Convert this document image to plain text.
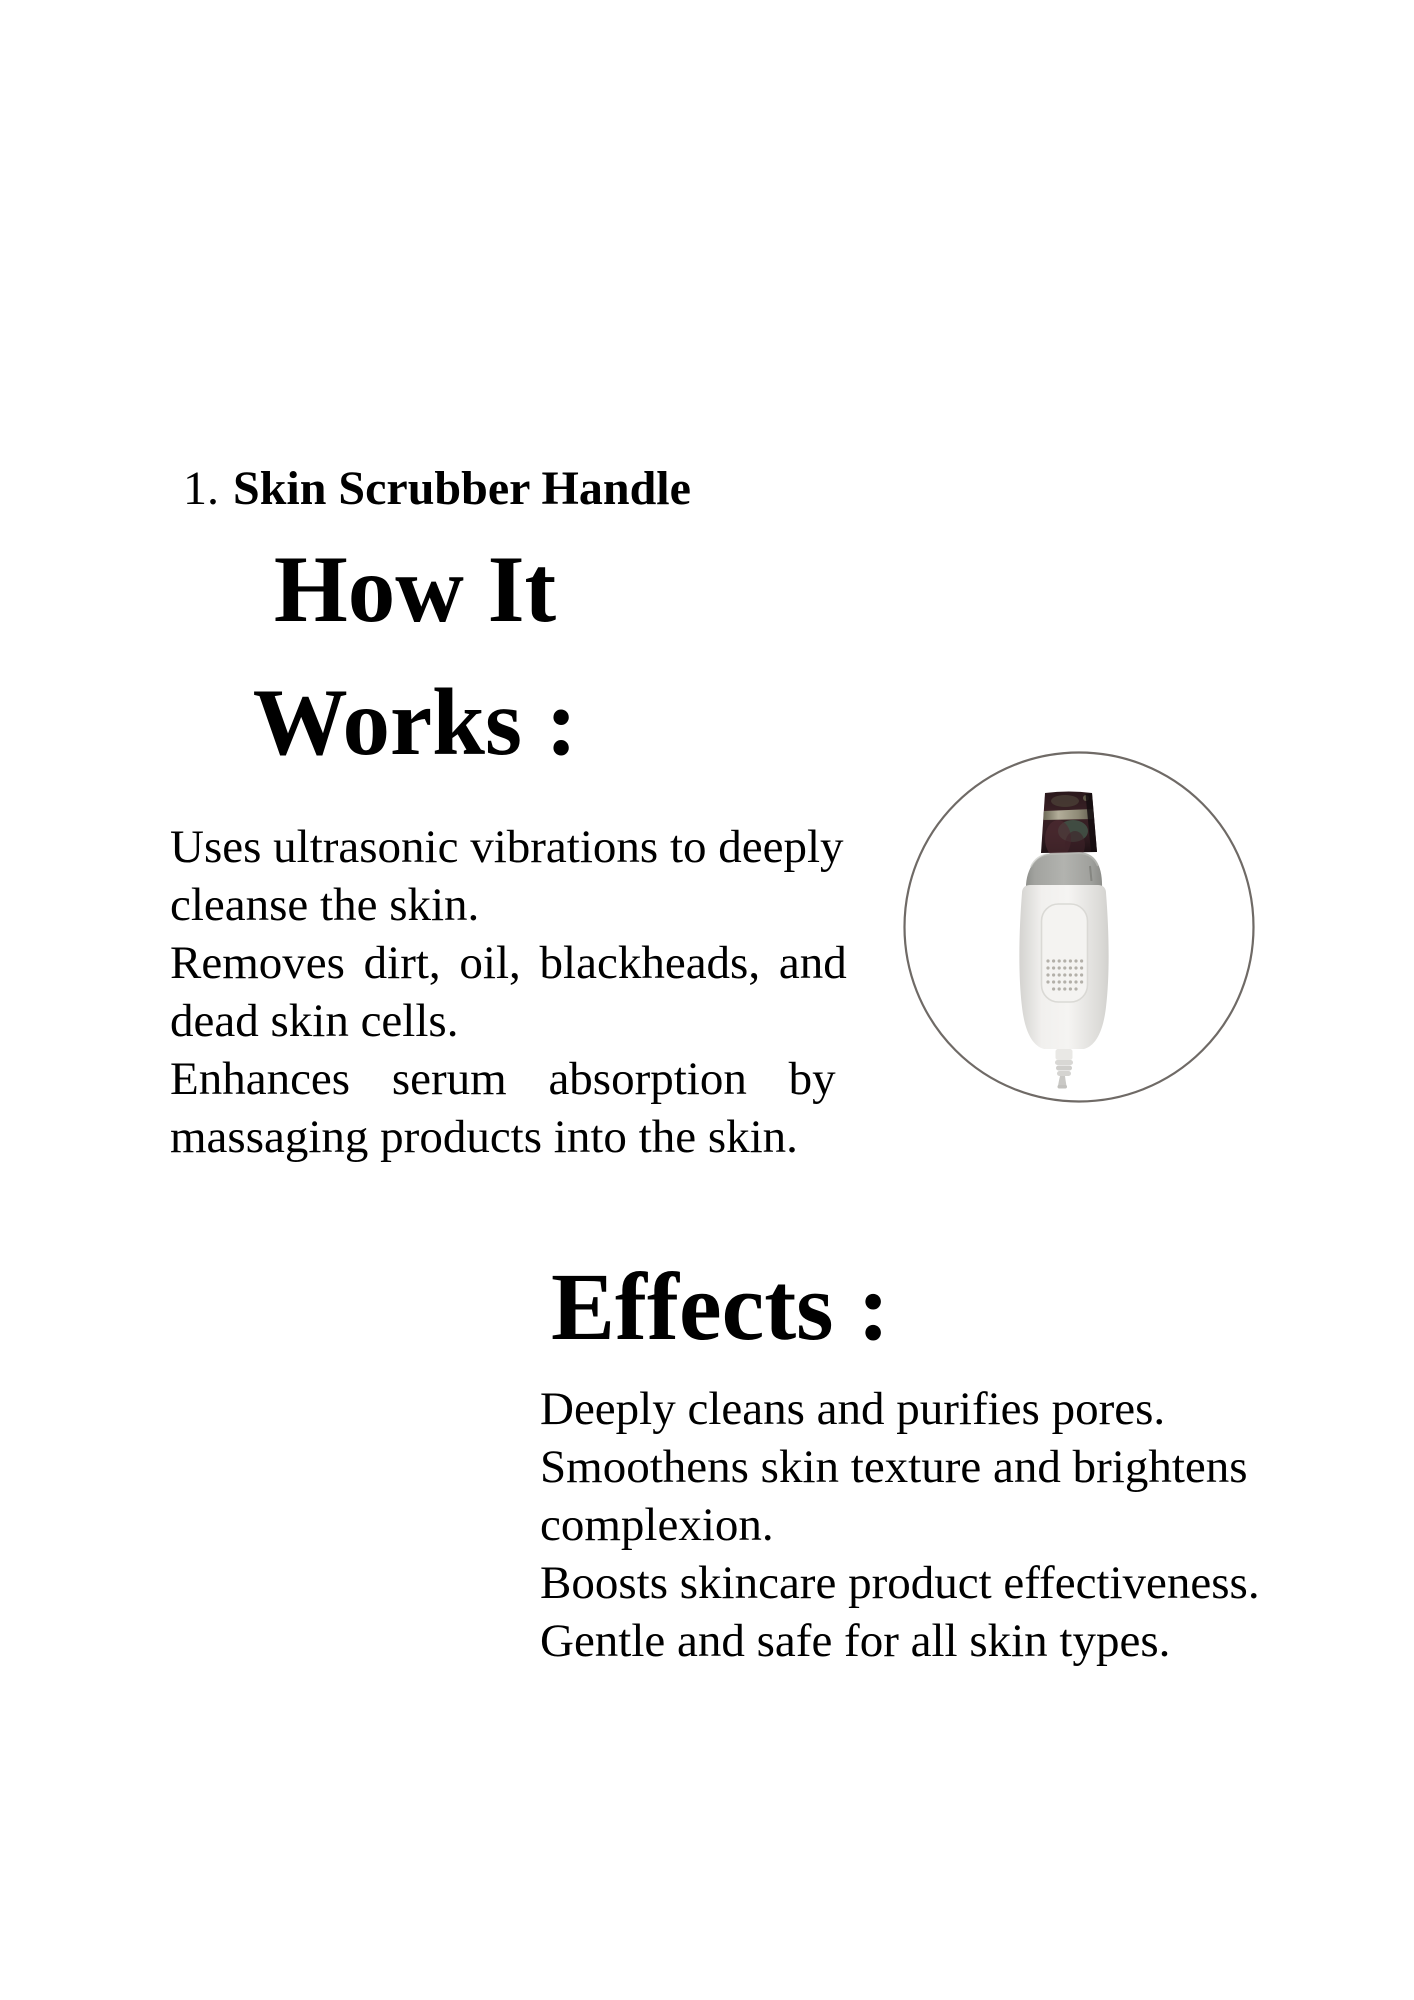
1. Skin Scrubber Handle
How It
Works :
Uses ultrasonic vibrations to deeply
cleanse the skin.
Removes dirt, oil, blackheads, and
dead skin cells.
Enhances serum absorption by
massaging products into the skin.
Effects :
Deeply cleans and purifies pores.
Smoothens skin texture and brightens
complexion.
Boosts skincare product effectiveness.
Gentle and safe for all skin types.
